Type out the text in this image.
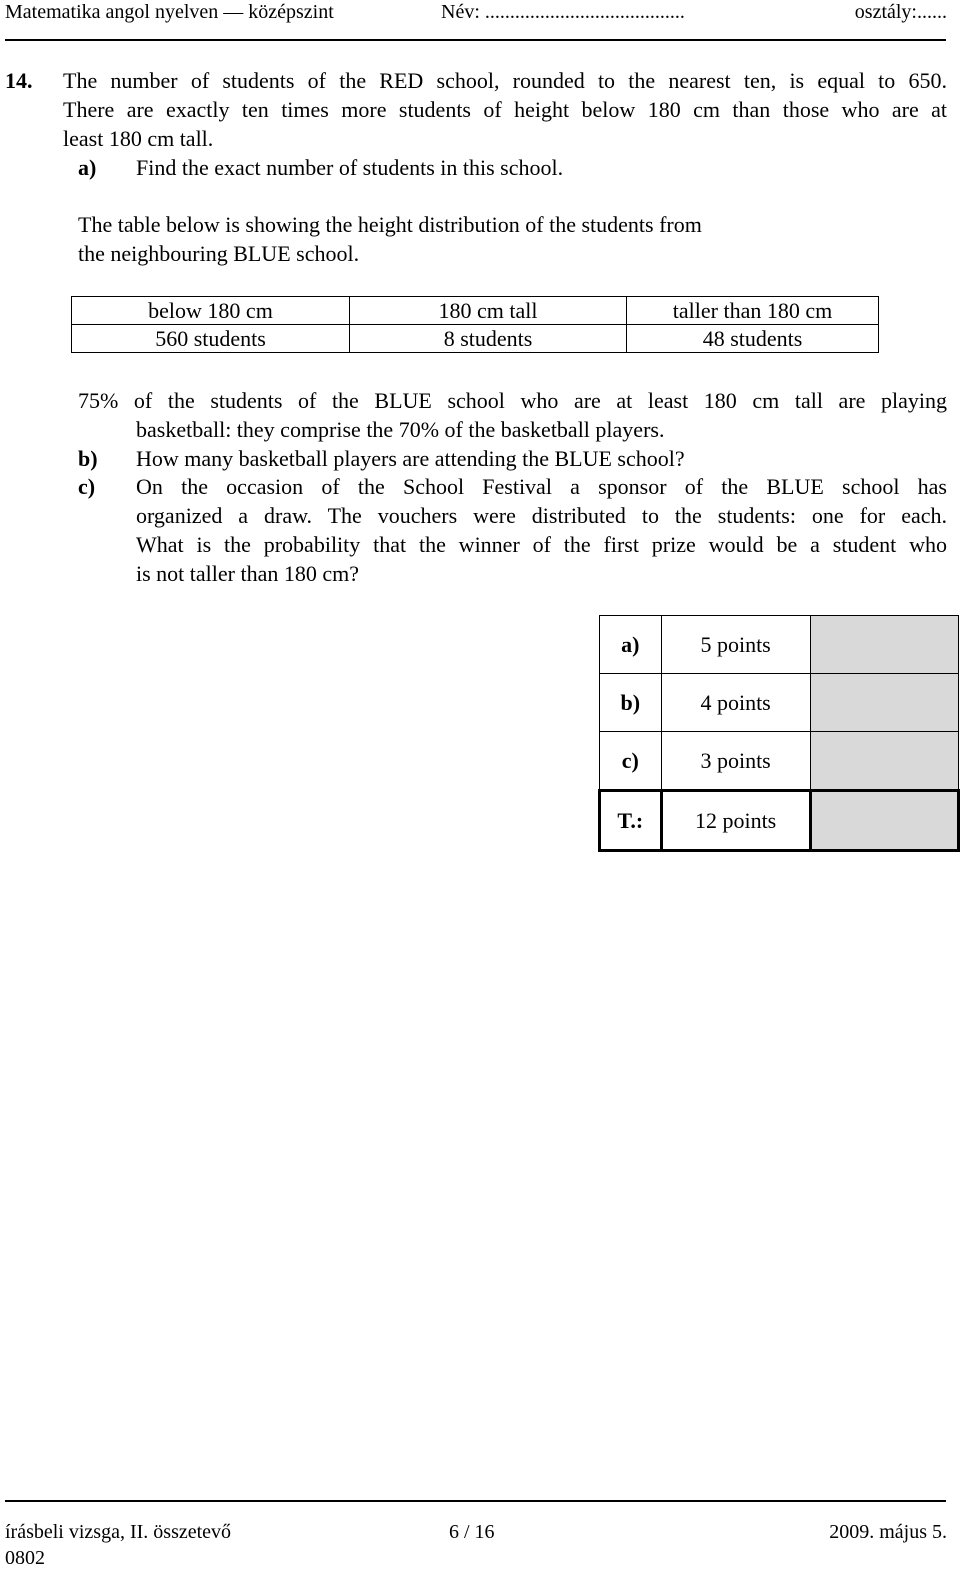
Matematika angol nyelven — középszint	Név: ........................................	osztály:......
14. The number of students of the RED school, rounded to the nearest ten, is equal to 650.
There are exactly ten times more students of height below 180 cm than those who are at
least 180 cm tall.
a) Find the exact number of students in this school.
The table below is showing the height distribution of the students from
the neighbouring BLUE school.
below 180 cm	180 cm tall	taller than 180 cm
560 students	8 students	48 students
75% of the students of the BLUE school who are at least 180 cm tall are playing
basketball: they comprise the 70% of the basketball players.
b) How many basketball players are attending the BLUE school?
c) On the occasion of the School Festival a sponsor of the BLUE school has
organized a draw. The vouchers were distributed to the students: one for each.
What is the probability that the winner of the first prize would be a student who
is not taller than 180 cm?
a)	5 points	
b)	4 points	
c)	3 points	
T.:	12 points	
írásbeli vizsga, II. összetevő	6 / 16	2009. május 5.
0802
